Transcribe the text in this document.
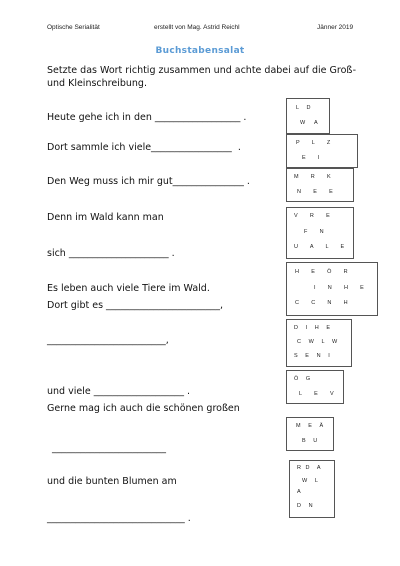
Optische Serialität	erstellt von Mag. Astrid Reichl	Jänner 2019
Buchstabensalat
Setzte das Wort richtig zusammen und achte dabei auf die Groß- und Kleinschreibung.
Heute gehe ich in den __________________ .
Dort sammle ich viele_________________  .
Den Weg muss ich mir gut_______________ .
Denn im Wald kann man
sich _____________________ .
Es leben auch viele Tiere im Wald.
Dort gibt es ________________________,
_________________________,
und viele ___________________ .
Gerne mag ich auch die schönen großen
________________________
und die bunten Blumen am
_____________________________ .
L     D
W      A
P        L        Z
E        I
M        R        K
N        E        E
V        R        E
F        N
U        A        L        E
H        E        Ö        R
I        N        H        E
C        C        N        H
D     I     H     E
C     W     L     W
S     E     N     I
Ö     G
L        E        V
M     E     Ä
B     U
R   D     A
W     L
A
D     N
